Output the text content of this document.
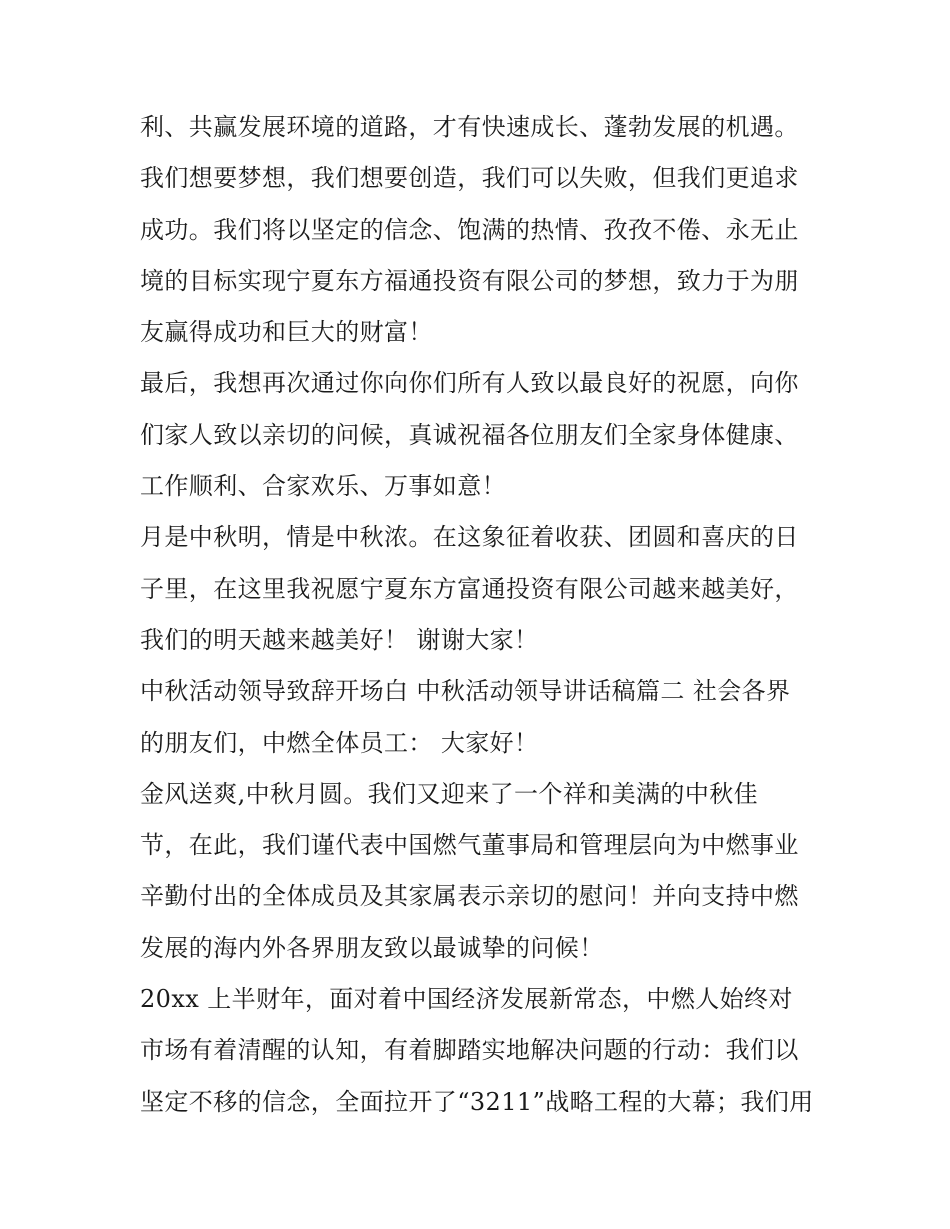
利、共赢发展环境的道路，才有快速成长、蓬勃发展的机遇。
我们想要梦想，我们想要创造，我们可以失败，但我们更追求
成功。我们将以坚定的信念、饱满的热情、孜孜不倦、永无止
境的目标实现宁夏东方福通投资有限公司的梦想，致力于为朋
友赢得成功和巨大的财富！
最后，我想再次通过你向你们所有人致以最良好的祝愿，向你
们家人致以亲切的问候，真诚祝福各位朋友们全家身体健康、
工作顺利、合家欢乐、万事如意！
月是中秋明，情是中秋浓。在这象征着收获、团圆和喜庆的日
子里，在这里我祝愿宁夏东方富通投资有限公司越来越美好，
我们的明天越来越美好！ 谢谢大家！
中秋活动领导致辞开场白 中秋活动领导讲话稿篇二 社会各界
的朋友们，中燃全体员工： 大家好！
金风送爽,中秋月圆。我们又迎来了一个祥和美满的中秋佳
节，在此，我们谨代表中国燃气董事局和管理层向为中燃事业
辛勤付出的全体成员及其家属表示亲切的慰问！并向支持中燃
发展的海内外各界朋友致以最诚挚的问候！
20xx 上半财年，面对着中国经济发展新常态，中燃人始终对
市场有着清醒的认知，有着脚踏实地解决问题的行动：我们以
坚定不移的信念，全面拉开了“3211”战略工程的大幕；我们用
